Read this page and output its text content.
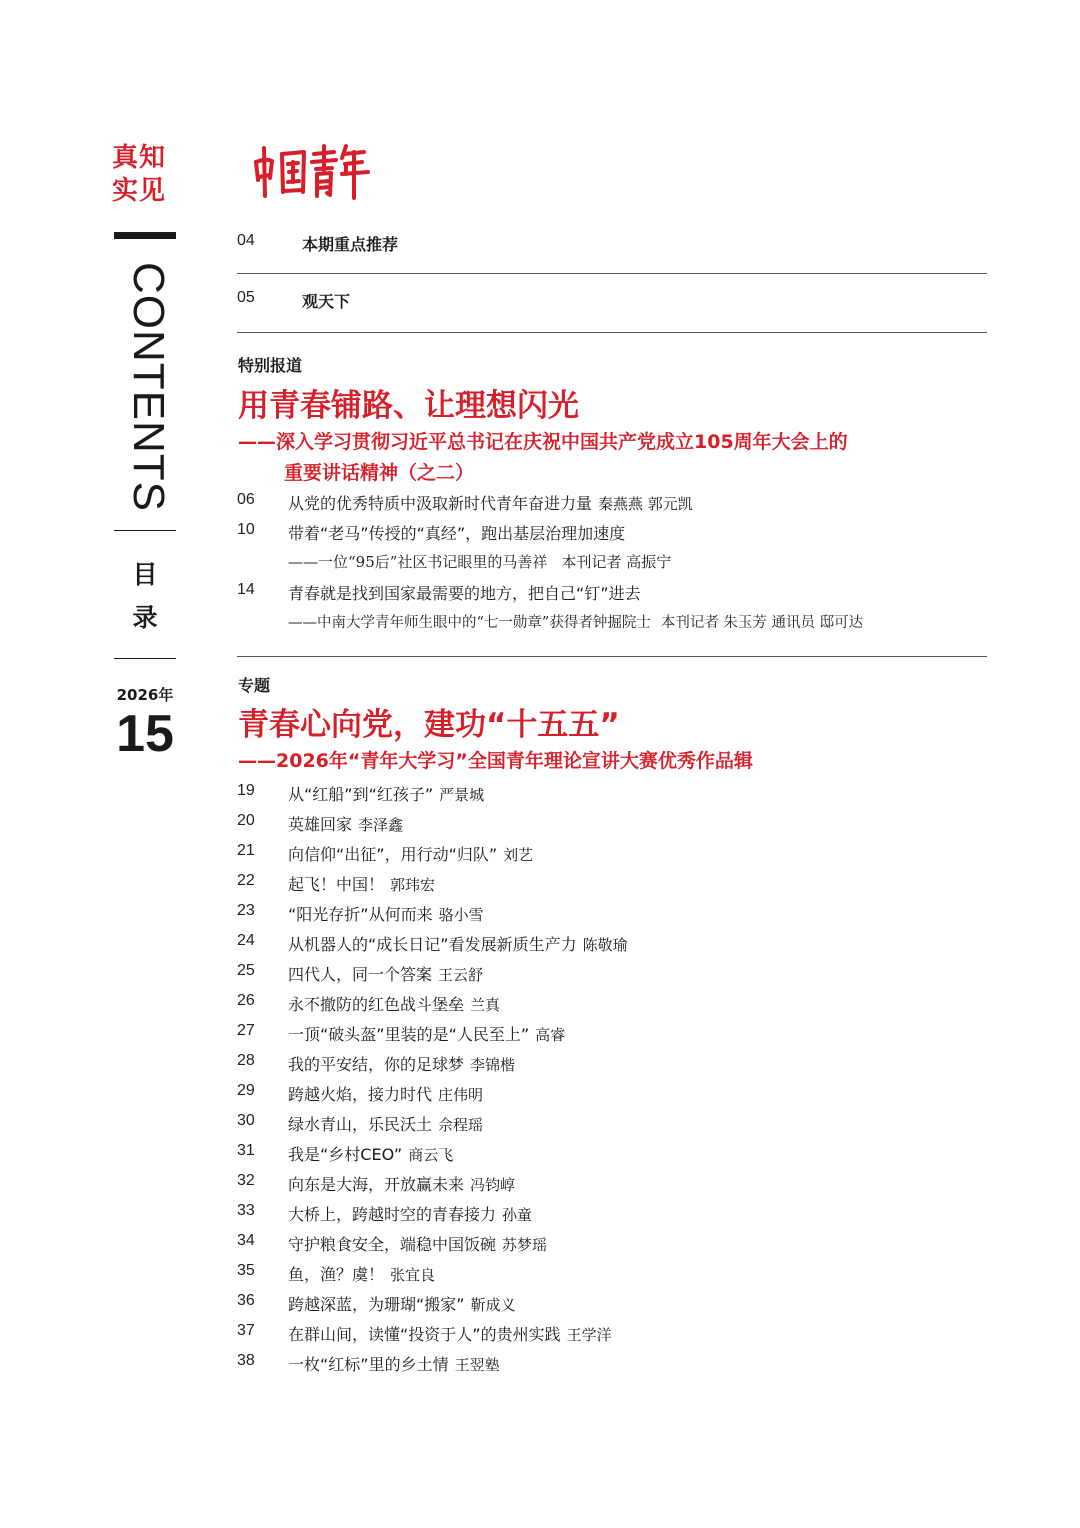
真知
实见
CONTENTS
目
录
2026年
15
中国青年
04	本期重点推荐
05	观天下
特别报道
用青春铺路、让理想闪光
——深入学习贯彻习近平总书记在庆祝中国共产党成立105周年大会上的
重要讲话精神（之二）
06 从党的优秀特质中汲取新时代青年奋进力量 秦燕燕 郭元凯
10 带着“老马”传授的“真经”，跑出基层治理加速度
——一位“95后”社区书记眼里的马善祥 本刊记者 高振宁
14 青春就是找到国家最需要的地方，把自己“钉”进去
——中南大学青年师生眼中的“七一勋章”获得者钟掘院士 本刊记者 朱玉芳 通讯员 邸可达
专题
青春心向党，建功“十五五”
——2026年“青年大学习”全国青年理论宣讲大赛优秀作品辑
19 从“红船”到“红孩子” 严景城
20 英雄回家 李泽鑫
21 向信仰“出征”，用行动“归队” 刘艺
22 起飞！中国！ 郭玮宏
23 “阳光存折”从何而来 骆小雪
24 从机器人的“成长日记”看发展新质生产力 陈敬瑜
25 四代人，同一个答案 王云舒
26 永不撤防的红色战斗堡垒 兰真
27 一顶“破头盔”里装的是“人民至上” 高睿
28 我的平安结，你的足球梦 李锦楷
29 跨越火焰，接力时代 庄伟明
30 绿水青山，乐民沃土 佘程瑶
31 我是“乡村CEO” 商云飞
32 向东是大海，开放赢未来 冯钧崞
33 大桥上，跨越时空的青春接力 孙童
34 守护粮食安全，端稳中国饭碗 苏梦瑶
35 鱼，渔？虞！ 张宜良
36 跨越深蓝，为珊瑚“搬家” 靳成义
37 在群山间，读懂“投资于人”的贵州实践 王学洋
38 一枚“红标”里的乡土情 王翌塾
